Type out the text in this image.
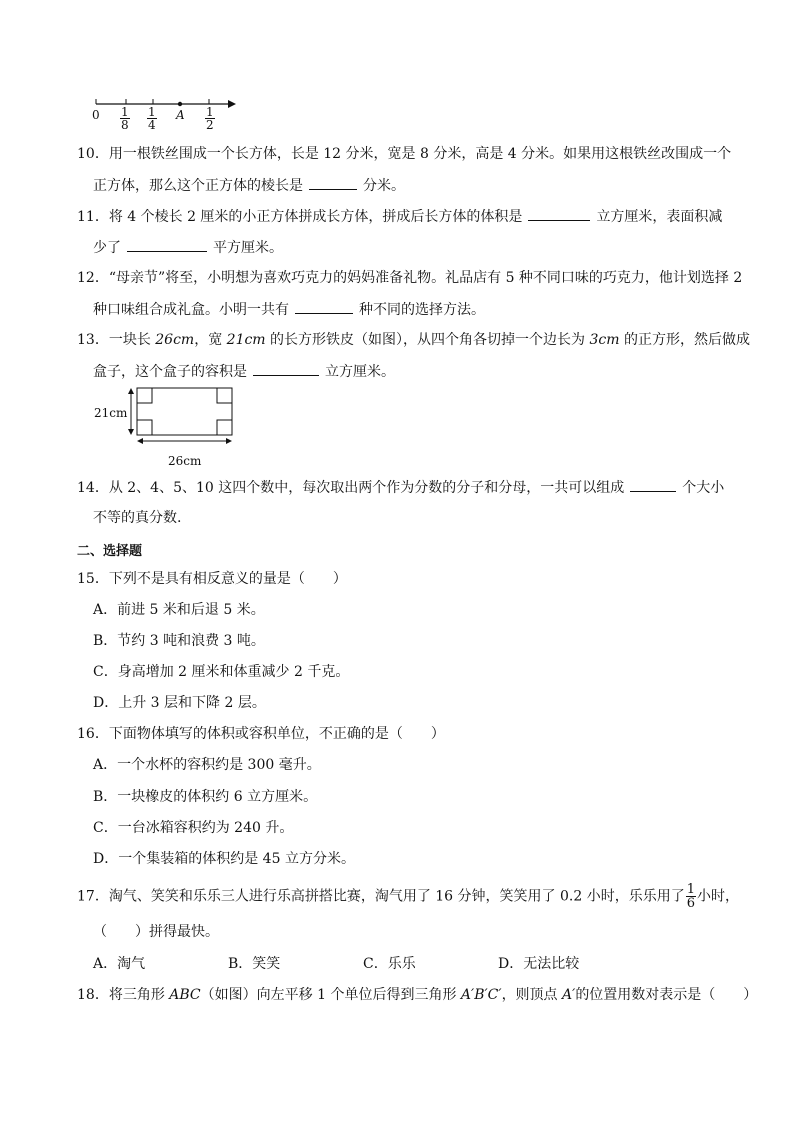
$0 \frac{1}{8} \frac{1}{4}$ A $\frac{1}{2}$
10．用一根铁丝围成一个长方体，长是 12 分米，宽是 8 分米，高是 4 分米。如果用这根铁丝改围成一个
正方体，那么这个正方体的棱长是	分米。
11．将 4 个棱长 2 厘米的小正方体拼成长方体，拼成后长方体的体积是	立方厘米，表面积减
少了	平方厘米。
12．“母亲节”将至，小明想为喜欢巧克力的妈妈准备礼物。礼品店有 5 种不同口味的巧克力，他计划选择 2
种口味组合成礼盒。小明一共有	种不同的选择方法。
13．一块长 26cm，宽 21cm 的长方形铁皮（如图），从四个角各切掉一个边长为 3cm 的正方形，然后做成
盒子，这个盒子的容积是	立方厘米。
21cm
26cm
14．从 2、4、5、10 这四个数中，每次取出两个作为分数的分子和分母，一共可以组成	个大小
不等的真分数.
二、选择题
15．下列不是具有相反意义的量是（　　）
A．前进 5 米和后退 5 米。
B．节约 3 吨和浪费 3 吨。
C．身高增加 2 厘米和体重减少 2 千克。
D．上升 3 层和下降 2 层。
16．下面物体填写的体积或容积单位，不正确的是（　　）
A．一个水杯的容积约是 300 毫升。
B．一块橡皮的体积约 6 立方厘米。
C．一台冰箱容积约为 240 升。
D．一个集装箱的体积约是 45 立方分米。
17．淘气、笑笑和乐乐三人进行乐高拼搭比赛，淘气用了 16 分钟，笑笑用了 0.2 小时，乐乐用了 $\frac{1}{6}$ 小时，
（　　）拼得最快。
A．淘气	B．笑笑	C．乐乐	D．无法比较
18．将三角形 ABC（如图）向左平移 1 个单位后得到三角形 A′B′C′，则顶点 A′的位置用数对表示是（　　）
